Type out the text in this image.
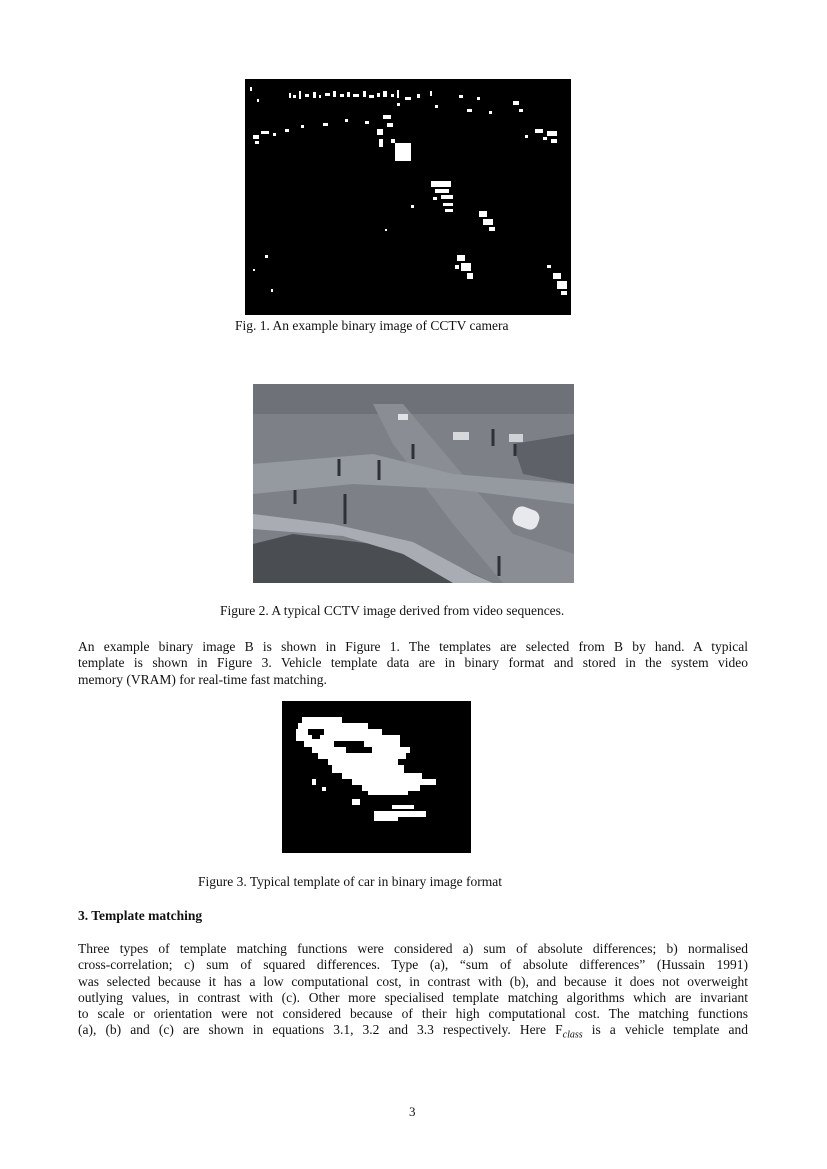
Fig. 1. An example binary image of CCTV camera
Figure 2. A typical CCTV image derived from video sequences.
An example binary image B is shown in Figure 1. The templates are selected from B by hand. A typical
template is shown in Figure 3. Vehicle template data are in binary format and stored in the system video
memory (VRAM) for real-time fast matching.
Figure 3. Typical template of car in binary image format
3. Template matching
Three types of template matching functions were considered a) sum of absolute differences; b) normalised
cross-correlation; c) sum of squared differences. Type (a), “sum of absolute differences” (Hussain 1991)
was selected because it has a low computational cost, in contrast with (b), and because it does not overweight
outlying values, in contrast with (c). Other more specialised template matching algorithms which are invariant
to scale or orientation were not considered because of their high computational cost. The matching functions
(a), (b) and (c) are shown in equations 3.1, 3.2 and 3.3 respectively. Here $F_{class}$ is a vehicle template and
3
